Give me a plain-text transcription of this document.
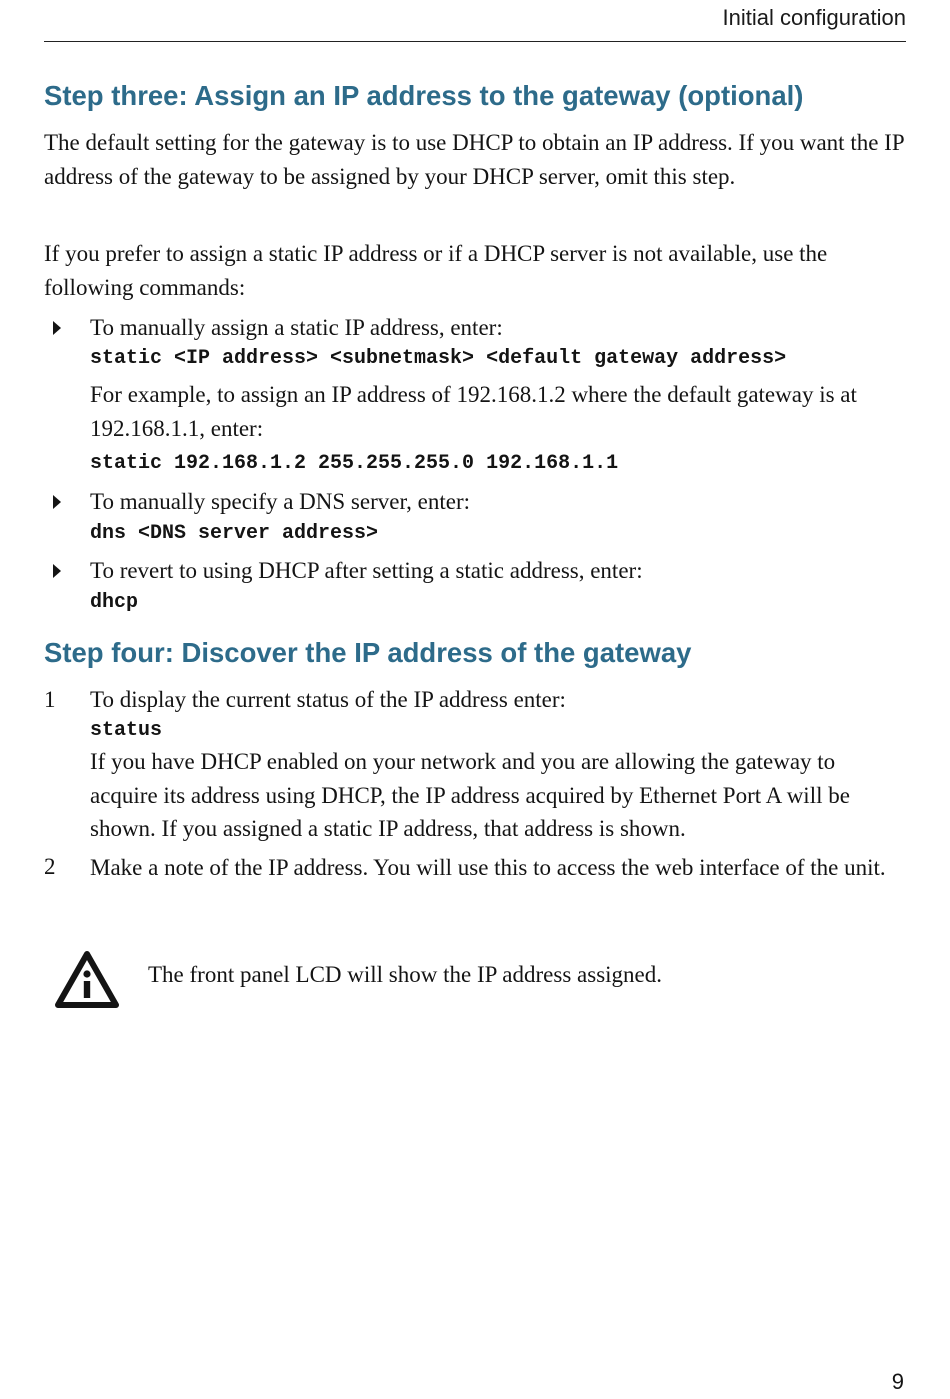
Initial configuration
Step three: Assign an IP address to the gateway (optional)

The default setting for the gateway is to use DHCP to obtain an IP address. If you want the IP address of the gateway to be assigned by your DHCP server, omit this step.

If you prefer to assign a static IP address or if a DHCP server is not available, use the following commands:

To manually assign a static IP address, enter:

static <IP address> <subnetmask> <default gateway address>

For example, to assign an IP address of 192.168.1.2 where the default gateway is at 192.168.1.1, enter:

static 192.168.1.2 255.255.255.0 192.168.1.1

To manually specify a DNS server, enter:

dns <DNS server address>

To revert to using DHCP after setting a static address, enter:

dhcp

Step four: Discover the IP address of the gateway

1 To display the current status of the IP address enter:

status

If you have DHCP enabled on your network and you are allowing the gateway to acquire its address using DHCP, the IP address acquired by Ethernet Port A will be shown. If you assigned a static IP address, that address is shown.

2 Make a note of the IP address. You will use this to access the web interface of the unit.

The front panel LCD will show the IP address assigned.

9
